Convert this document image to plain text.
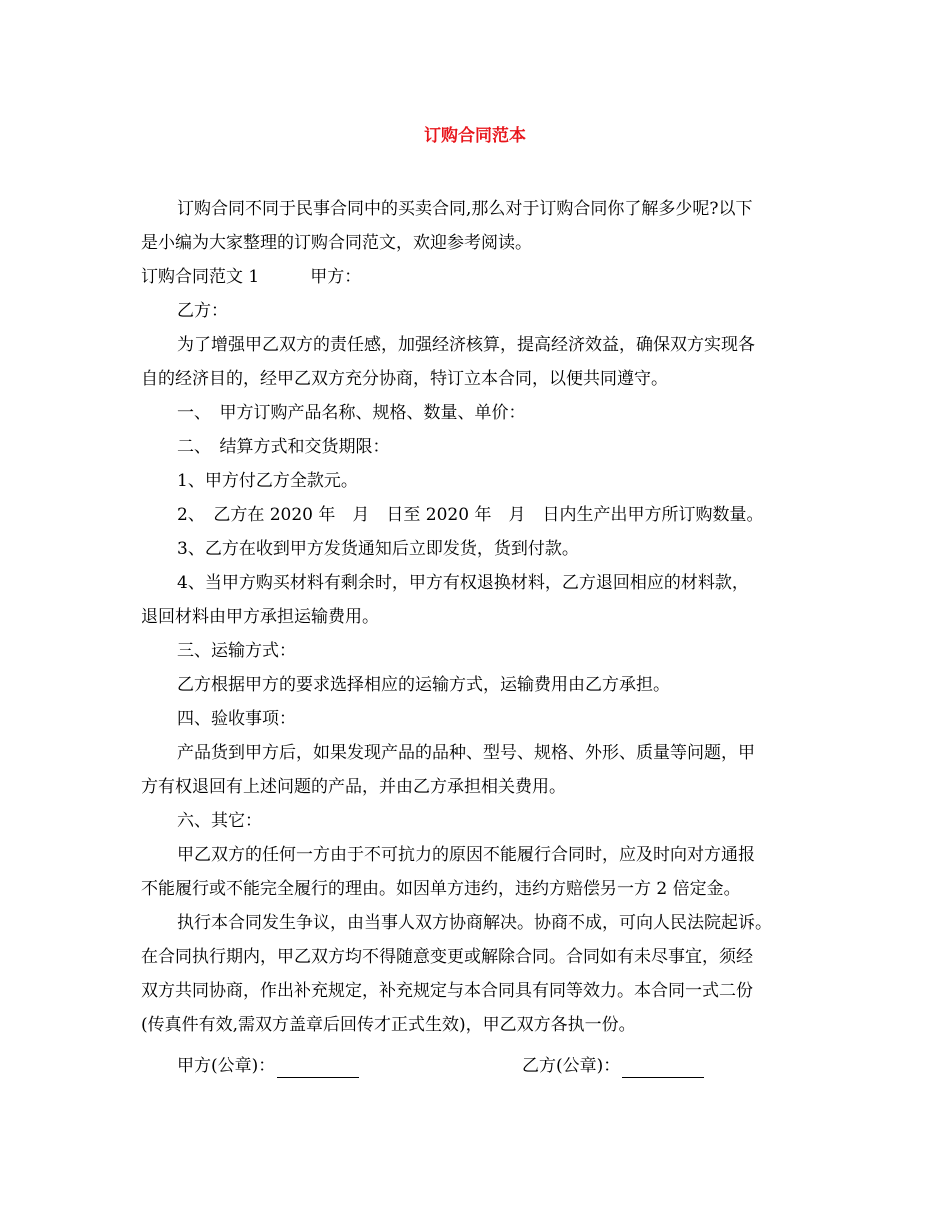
订购合同范本
订购合同不同于民事合同中的买卖合同,那么对于订购合同你了解多少呢?以下
是小编为大家整理的订购合同范文，欢迎参考阅读。
订购合同范文 1　　　甲方：
乙方：
为了增强甲乙双方的责任感，加强经济核算，提高经济效益，确保双方实现各
自的经济目的，经甲乙双方充分协商，特订立本合同，以便共同遵守。
一、　甲方订购产品名称、规格、数量、单价：
二、　结算方式和交货期限：
1、甲方付乙方全款元。
2、　乙方在 2020 年　月　日至 2020 年　月　日内生产出甲方所订购数量。
3、乙方在收到甲方发货通知后立即发货，货到付款。
4、当甲方购买材料有剩余时，甲方有权退换材料，乙方退回相应的材料款，
退回材料由甲方承担运输费用。
三、运输方式：
乙方根据甲方的要求选择相应的运输方式，运输费用由乙方承担。
四、验收事项：
产品货到甲方后，如果发现产品的品种、型号、规格、外形、质量等问题，甲
方有权退回有上述问题的产品，并由乙方承担相关费用。
六、其它：
甲乙双方的任何一方由于不可抗力的原因不能履行合同时，应及时向对方通报
不能履行或不能完全履行的理由。如因单方违约，违约方赔偿另一方 2 倍定金。
执行本合同发生争议，由当事人双方协商解决。协商不成，可向人民法院起诉。
在合同执行期内，甲乙双方均不得随意变更或解除合同。合同如有未尽事宜，须经
双方共同协商，作出补充规定，补充规定与本合同具有同等效力。本合同一式二份
(传真件有效,需双方盖章后回传才正式生效)，甲乙双方各执一份。
甲方(公章)：	乙方(公章)：
